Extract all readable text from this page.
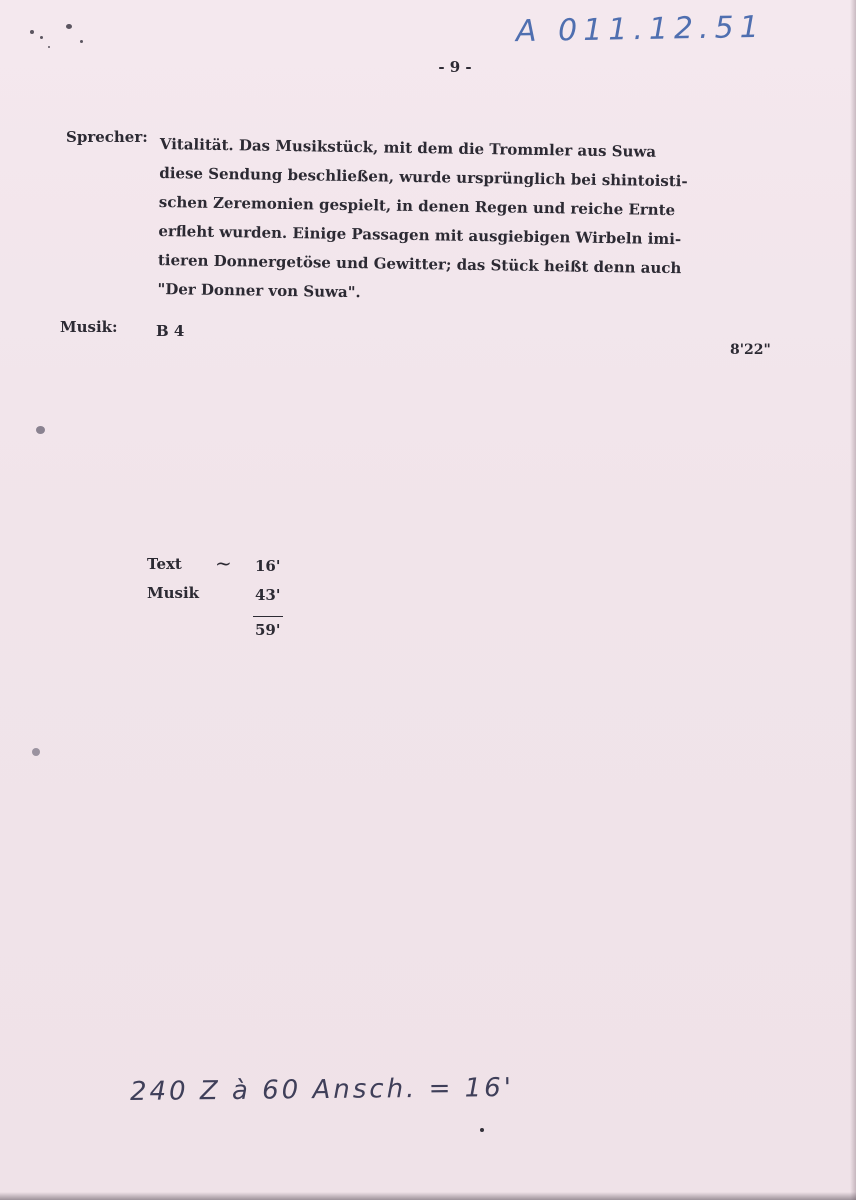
A 011.12.51
- 9 -
Sprecher: Vitalität. Das Musikstück, mit dem die Trommler aus Suwa
diese Sendung beschließen, wurde ursprünglich bei shintoisti-
schen Zeremonien gespielt, in denen Regen und reiche Ernte
erfleht wurden. Einige Passagen mit ausgiebigen Wirbeln imi-
tieren Donnergetöse und Gewitter; das Stück heißt denn auch
"Der Donner von Suwa".
Musik:	B 4
8'22"
Text ~ 16'
Musik	43'
59'
240 Z à 60 Ansch. = 16'
